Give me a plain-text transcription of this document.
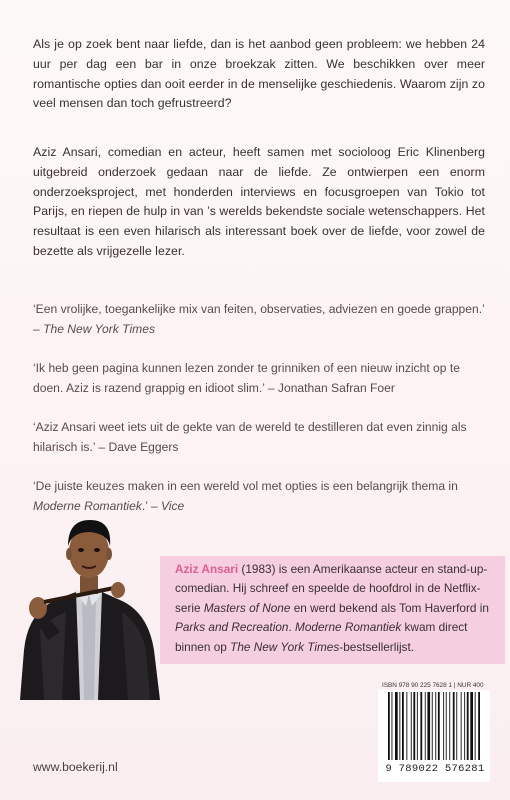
Als je op zoek bent naar liefde, dan is het aanbod geen probleem: we hebben 24 uur per dag een bar in onze broekzak zitten. We beschikken over meer romantische opties dan ooit eerder in de menselijke geschiedenis. Waarom zijn zo veel mensen dan toch gefrustreerd?

Aziz Ansari, comedian en acteur, heeft samen met socioloog Eric Klinenberg uitgebreid onderzoek gedaan naar de liefde. Ze ontwierpen een enorm onderzoeksproject, met honderden interviews en focusgroepen van Tokio tot Parijs, en riepen de hulp in van ’s werelds bekendste sociale wetenschappers. Het resultaat is een even hilarisch als interessant boek over de liefde, voor zowel de bezette als vrijgezelle lezer.

‘Een vrolijke, toegankelijke mix van feiten, observaties, adviezen en goede grappen.’ – The New York Times
‘Ik heb geen pagina kunnen lezen zonder te grinniken of een nieuw inzicht op te doen. Aziz is razend grappig en idioot slim.’ – Jonathan Safran Foer
‘Aziz Ansari weet iets uit de gekte van de wereld te destilleren dat even zinnig als hilarisch is.’ – Dave Eggers
‘De juiste keuzes maken in een wereld vol met opties is een belangrijk thema in Moderne Romantiek.’ – Vice
Aziz Ansari (1983) is een Amerikaanse acteur en stand-up-comedian. Hij schreef en speelde de hoofdrol in de Netflix-serie Masters of None en werd bekend als Tom Haverford in Parks and Recreation. Moderne Romantiek kwam direct binnen op The New York Times-bestsellerlijst.
www.boekerij.nl
ISBN 978 90 225 7628 1 | NUR 400
9 789022 576281
